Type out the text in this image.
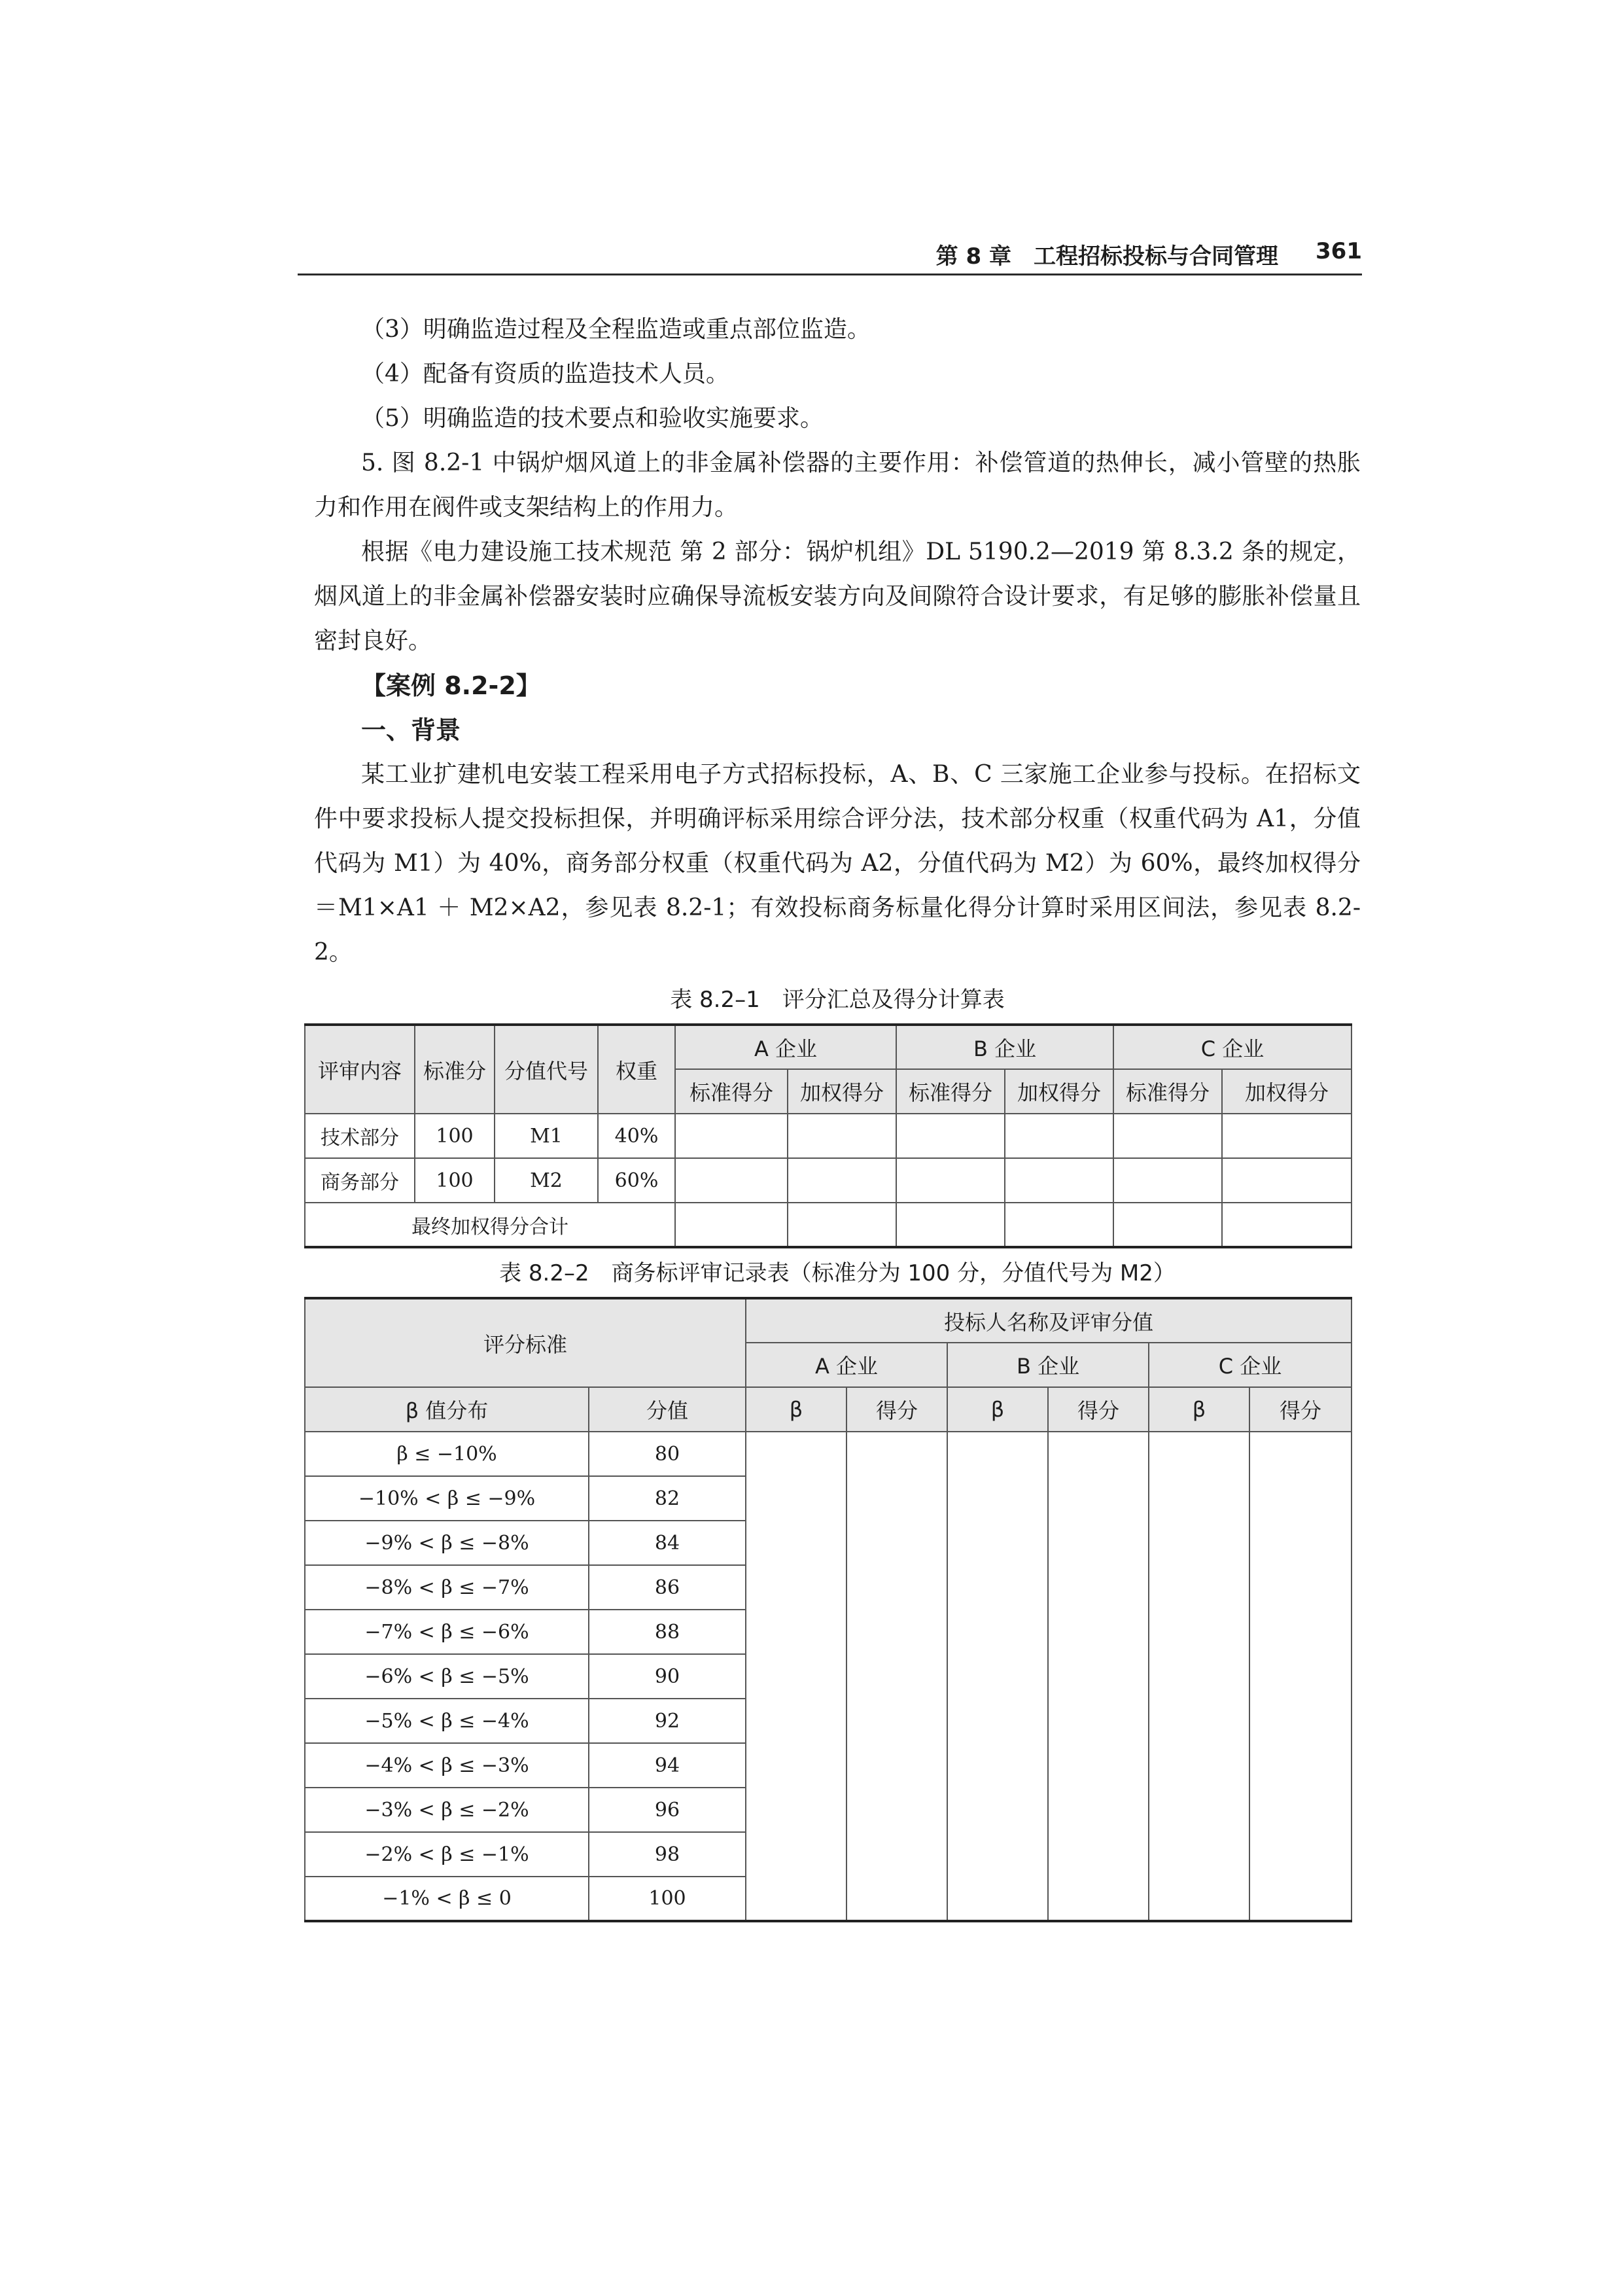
第 8 章　工程招标投标与合同管理 361

（3）明确监造过程及全程监造或重点部位监造。

（4）配备有资质的监造技术人员。

（5）明确监造的技术要点和验收实施要求。

5. 图 8.2-1 中锅炉烟风道上的非金属补偿器的主要作用：补偿管道的热伸长，减小管壁的热胀力和作用在阀件或支架结构上的作用力。

根据《电力建设施工技术规范 第 2 部分：锅炉机组》DL 5190.2—2019 第 8.3.2 条的规定，烟风道上的非金属补偿器安装时应确保导流板安装方向及间隙符合设计要求，有足够的膨胀补偿量且密封良好。

【案例 8.2-2】

一、背景

某工业扩建机电安装工程采用电子方式招标投标，A、B、C 三家施工企业参与投标。在招标文件中要求投标人提交投标担保，并明确评标采用综合评分法，技术部分权重（权重代码为 A1，分值代码为 M1）为 40%，商务部分权重（权重代码为 A2，分值代码为 M2）为 60%，最终加权得分＝M1×A1 ＋ M2×A2，参见表 8.2-1；有效投标商务标量化得分计算时采用区间法，参见表 8.2-2。

表 8.2–1　评分汇总及得分计算表
评审内容	标准分	分值代号	权重	A 企业		B 企业		C 企业	
				标准得分	加权得分	标准得分	加权得分	标准得分	加权得分
技术部分	100	M1	40%						
商务部分	100	M2	60%						
最终加权得分合计									
表 8.2–2　商务标评审记录表（标准分为 100 分，分值代号为 M2）
评分标准		投标人名称及评审分值					
		A 企业		B 企业		C 企业	
β 值分布	分值	β	得分	β	得分	β	得分
β ≤ −10%	80						
−10% < β ≤ −9%	82						
−9% < β ≤ −8%	84						
−8% < β ≤ −7%	86						
−7% < β ≤ −6%	88						
−6% < β ≤ −5%	90						
−5% < β ≤ −4%	92						
−4% < β ≤ −3%	94						
−3% < β ≤ −2%	96						
−2% < β ≤ −1%	98						
−1% < β ≤ 0	100						
